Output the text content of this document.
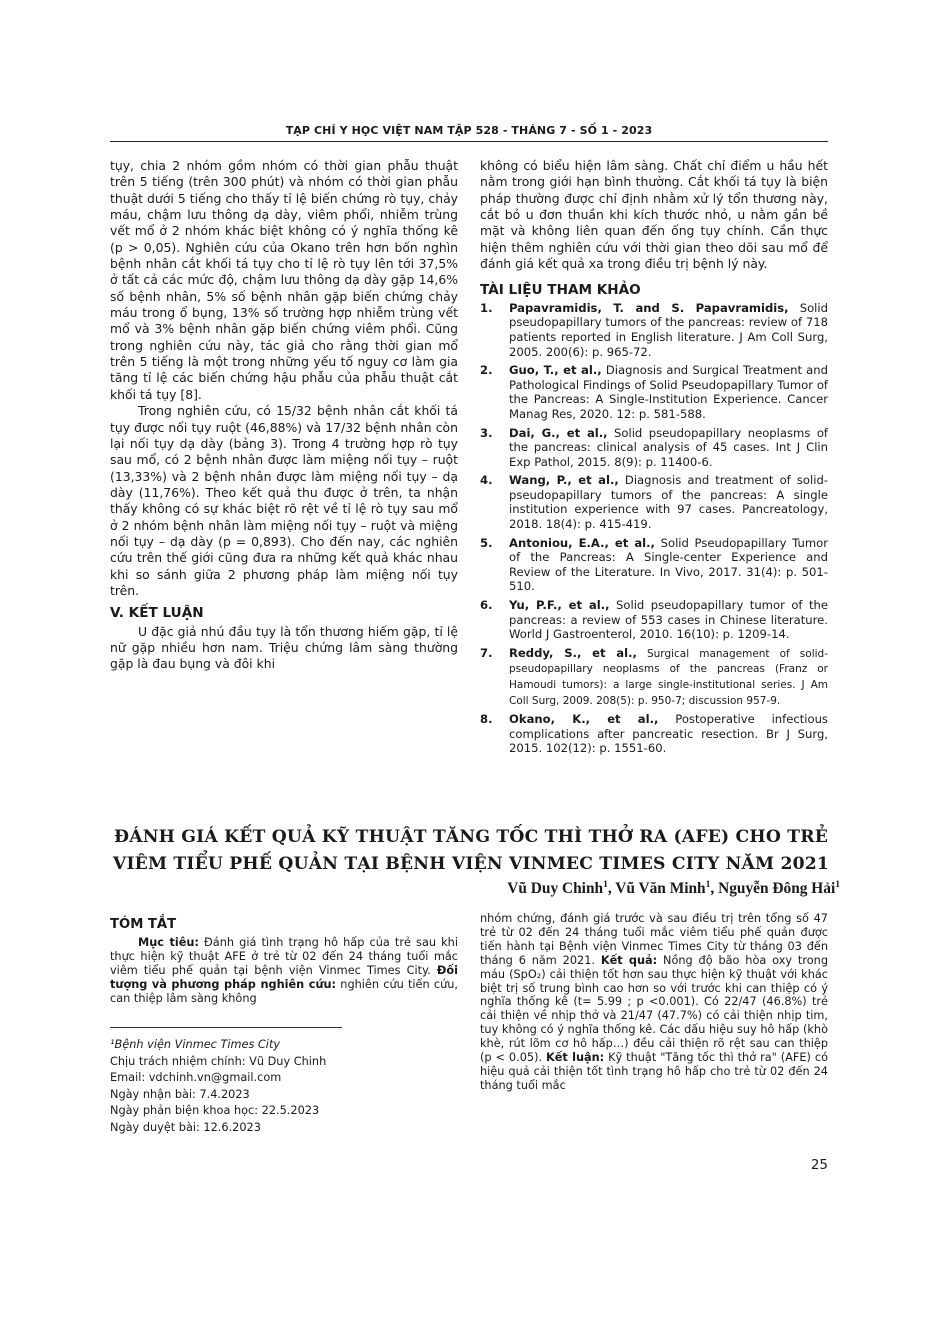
TẠP CHÍ Y HỌC VIỆT NAM TẬP 528 - THÁNG 7 - SỐ 1 - 2023

tụy, chia 2 nhóm gồm nhóm có thời gian phẫu thuật trên 5 tiếng (trên 300 phút) và nhóm có thời gian phẫu thuật dưới 5 tiếng cho thấy tỉ lệ biến chứng rò tụy, chảy máu, chậm lưu thông dạ dày, viêm phổi, nhiễm trùng vết mổ ở 2 nhóm khác biệt không có ý nghĩa thống kê (p > 0,05). Nghiên cứu của Okano trên hơn bốn nghìn bệnh nhân cắt khối tá tụy cho tỉ lệ rò tụy lên tới 37,5% ở tất cả các mức độ, chậm lưu thông dạ dày gặp 14,6% số bệnh nhân, 5% số bệnh nhân gặp biến chứng chảy máu trong ổ bụng, 13% số trường hợp nhiễm trùng vết mổ và 3% bệnh nhân gặp biến chứng viêm phổi. Cũng trong nghiên cứu này, tác giả cho rằng thời gian mổ trên 5 tiếng là một trong những yếu tố nguy cơ làm gia tăng tỉ lệ các biến chứng hậu phẫu của phẫu thuật cắt khối tá tụy [8].

Trong nghiên cứu, có 15/32 bệnh nhân cắt khối tá tụy được nối tụy ruột (46,88%) và 17/32 bệnh nhân còn lại nối tụy dạ dày (bảng 3). Trong 4 trường hợp rò tụy sau mổ, có 2 bệnh nhân được làm miệng nối tụy – ruột (13,33%) và 2 bệnh nhân được làm miệng nối tụy – dạ dày (11,76%). Theo kết quả thu được ở trên, ta nhận thấy không có sự khác biệt rõ rệt về tỉ lệ rò tụy sau mổ ở 2 nhóm bệnh nhân làm miệng nối tụy – ruột và miệng nối tụy – dạ dày (p = 0,893). Cho đến nay, các nghiên cứu trên thế giới cũng đưa ra những kết quả khác nhau khi so sánh giữa 2 phương pháp làm miệng nối tụy trên.

V. KẾT LUẬN

U đặc giả nhú đầu tụy là tổn thương hiếm gặp, tỉ lệ nữ gặp nhiều hơn nam. Triệu chứng lâm sàng thường gặp là đau bụng và đôi khi

không có biểu hiện lâm sàng. Chất chỉ điểm u hầu hết nằm trong giới hạn bình thường. Cắt khối tá tụy là biện pháp thường được chỉ định nhằm xử lý tổn thương này, cắt bỏ u đơn thuần khi kích thước nhỏ, u nằm gần bề mặt và không liên quan đến ống tụy chính. Cần thực hiện thêm nghiên cứu với thời gian theo dõi sau mổ để đánh giá kết quả xa trong điều trị bệnh lý này.

TÀI LIỆU THAM KHẢO
1. Papavramidis, T. and S. Papavramidis, Solid pseudopapillary tumors of the pancreas: review of 718 patients reported in English literature. J Am Coll Surg, 2005. 200(6): p. 965-72.
2. Guo, T., et al., Diagnosis and Surgical Treatment and Pathological Findings of Solid Pseudopapillary Tumor of the Pancreas: A Single-Institution Experience. Cancer Manag Res, 2020. 12: p. 581-588.
3. Dai, G., et al., Solid pseudopapillary neoplasms of the pancreas: clinical analysis of 45 cases. Int J Clin Exp Pathol, 2015. 8(9): p. 11400-6.
4. Wang, P., et al., Diagnosis and treatment of solid-pseudopapillary tumors of the pancreas: A single institution experience with 97 cases. Pancreatology, 2018. 18(4): p. 415-419.
5. Antoniou, E.A., et al., Solid Pseudopapillary Tumor of the Pancreas: A Single-center Experience and Review of the Literature. In Vivo, 2017. 31(4): p. 501-510.
6. Yu, P.F., et al., Solid pseudopapillary tumor of the pancreas: a review of 553 cases in Chinese literature. World J Gastroenterol, 2010. 16(10): p. 1209-14.
7. Reddy, S., et al., Surgical management of solid-pseudopapillary neoplasms of the pancreas (Franz or Hamoudi tumors): a large single-institutional series. J Am Coll Surg, 2009. 208(5): p. 950-7; discussion 957-9.
8. Okano, K., et al., Postoperative infectious complications after pancreatic resection. Br J Surg, 2015. 102(12): p. 1551-60.
ĐÁNH GIÁ KẾT QUẢ KỸ THUẬT TĂNG TỐC THÌ THỞ RA (AFE) CHO TRẺ
VIÊM TIỂU PHẾ QUẢN TẠI BỆNH VIỆN VINMEC TIMES CITY NĂM 2021
Vũ Duy Chinh$^1$, Vũ Văn Minh$^1$, Nguyễn Đông Hải$^1$
TÓM TẮT

Mục tiêu: Đánh giá tình trạng hô hấp của trẻ sau khi thực hiện kỹ thuật AFE ở trẻ từ 02 đến 24 tháng tuổi mắc viêm tiểu phế quản tại bệnh viện Vinmec Times City. Đối tượng và phương pháp nghiên cứu: nghiên cứu tiến cứu, can thiệp lâm sàng không

nhóm chứng, đánh giá trước và sau điều trị trên tổng số 47 trẻ từ 02 đến 24 tháng tuổi mắc viêm tiểu phế quản được tiến hành tại Bệnh viện Vinmec Times City từ tháng 03 đến tháng 6 năm 2021. Kết quả: Nồng độ bão hòa oxy trong máu (SpO₂) cải thiện tốt hơn sau thực hiện kỹ thuật với khác biệt trị số trung bình cao hơn so với trước khi can thiệp có ý nghĩa thống kê (t= 5.99 ; p <0.001). Có 22/47 (46.8%) trẻ cải thiện về nhịp thở và 21/47 (47.7%) có cải thiện nhịp tim, tuy không có ý nghĩa thống kê. Các dấu hiệu suy hô hấp (khò khè, rút lõm cơ hô hấp…) đều cải thiện rõ rệt sau can thiệp (p < 0.05). Kết luận: Kỹ thuật "Tăng tốc thì thở ra" (AFE) có hiệu quả cải thiện tốt tình trạng hô hấp cho trẻ từ 02 đến 24 tháng tuổi mắc

¹Bệnh viện Vinmec Times City
Chịu trách nhiệm chính: Vũ Duy Chinh
Email: vdchinh.vn@gmail.com
Ngày nhận bài: 7.4.2023
Ngày phản biện khoa học: 22.5.2023
Ngày duyệt bài: 12.6.2023
25
